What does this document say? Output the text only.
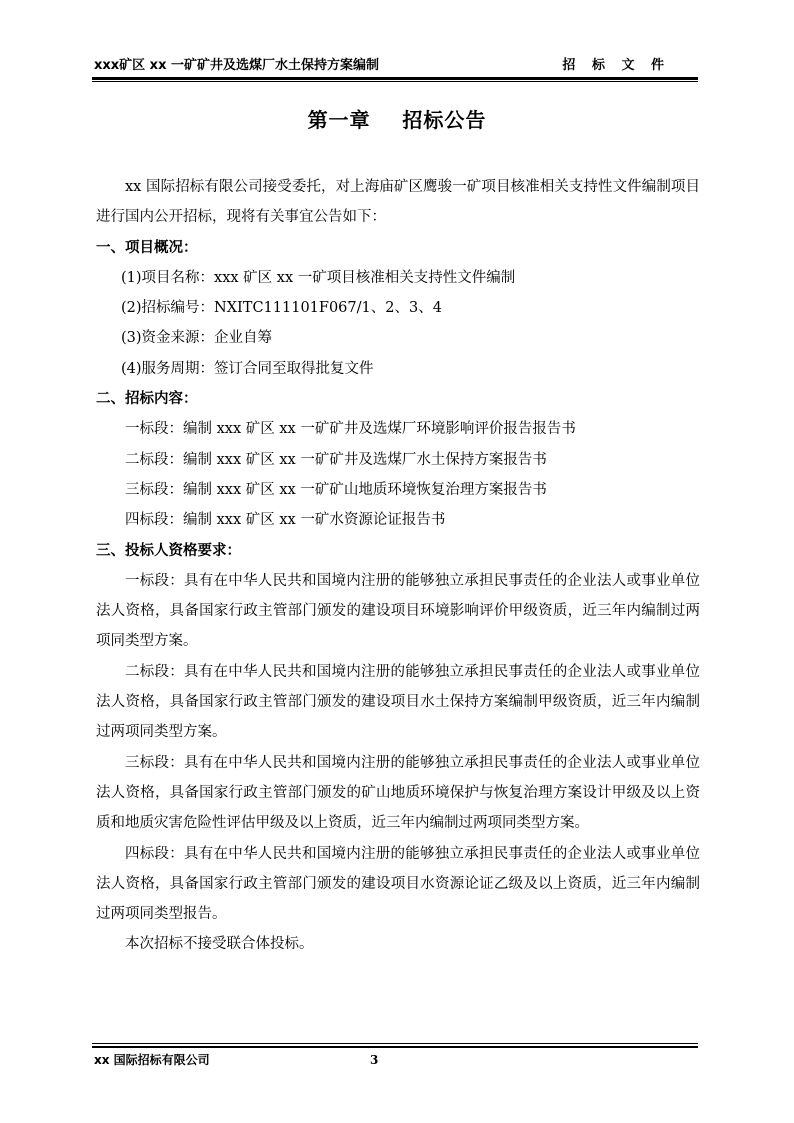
xxx矿区 xx 一矿矿井及选煤厂水土保持方案编制	招 标 文 件
第一章    招标公告

xx 国际招标有限公司接受委托，对上海庙矿区鹰骏一矿项目核准相关支持性文件编制项目进行国内公开招标，现将有关事宜公告如下：

一、项目概况：

(1)项目名称：xxx 矿区 xx 一矿项目核准相关支持性文件编制

(2)招标编号：NXITC111101F067/1、2、3、4

(3)资金来源：企业自筹

(4)服务周期：签订合同至取得批复文件

二、招标内容：

一标段：编制 xxx 矿区 xx 一矿矿井及选煤厂环境影响评价报告报告书

二标段：编制 xxx 矿区 xx 一矿矿井及选煤厂水土保持方案报告书

三标段：编制 xxx 矿区 xx 一矿矿山地质环境恢复治理方案报告书

四标段：编制 xxx 矿区 xx 一矿水资源论证报告书

三、投标人资格要求：

一标段：具有在中华人民共和国境内注册的能够独立承担民事责任的企业法人或事业单位法人资格，具备国家行政主管部门颁发的建设项目环境影响评价甲级资质，近三年内编制过两项同类型方案。

二标段：具有在中华人民共和国境内注册的能够独立承担民事责任的企业法人或事业单位法人资格，具备国家行政主管部门颁发的建设项目水土保持方案编制甲级资质，近三年内编制过两项同类型方案。

三标段：具有在中华人民共和国境内注册的能够独立承担民事责任的企业法人或事业单位法人资格，具备国家行政主管部门颁发的矿山地质环境保护与恢复治理方案设计甲级及以上资质和地质灾害危险性评估甲级及以上资质，近三年内编制过两项同类型方案。

四标段：具有在中华人民共和国境内注册的能够独立承担民事责任的企业法人或事业单位法人资格，具备国家行政主管部门颁发的建设项目水资源论证乙级及以上资质，近三年内编制过两项同类型报告。

本次招标不接受联合体投标。

xx 国际招标有限公司	3
